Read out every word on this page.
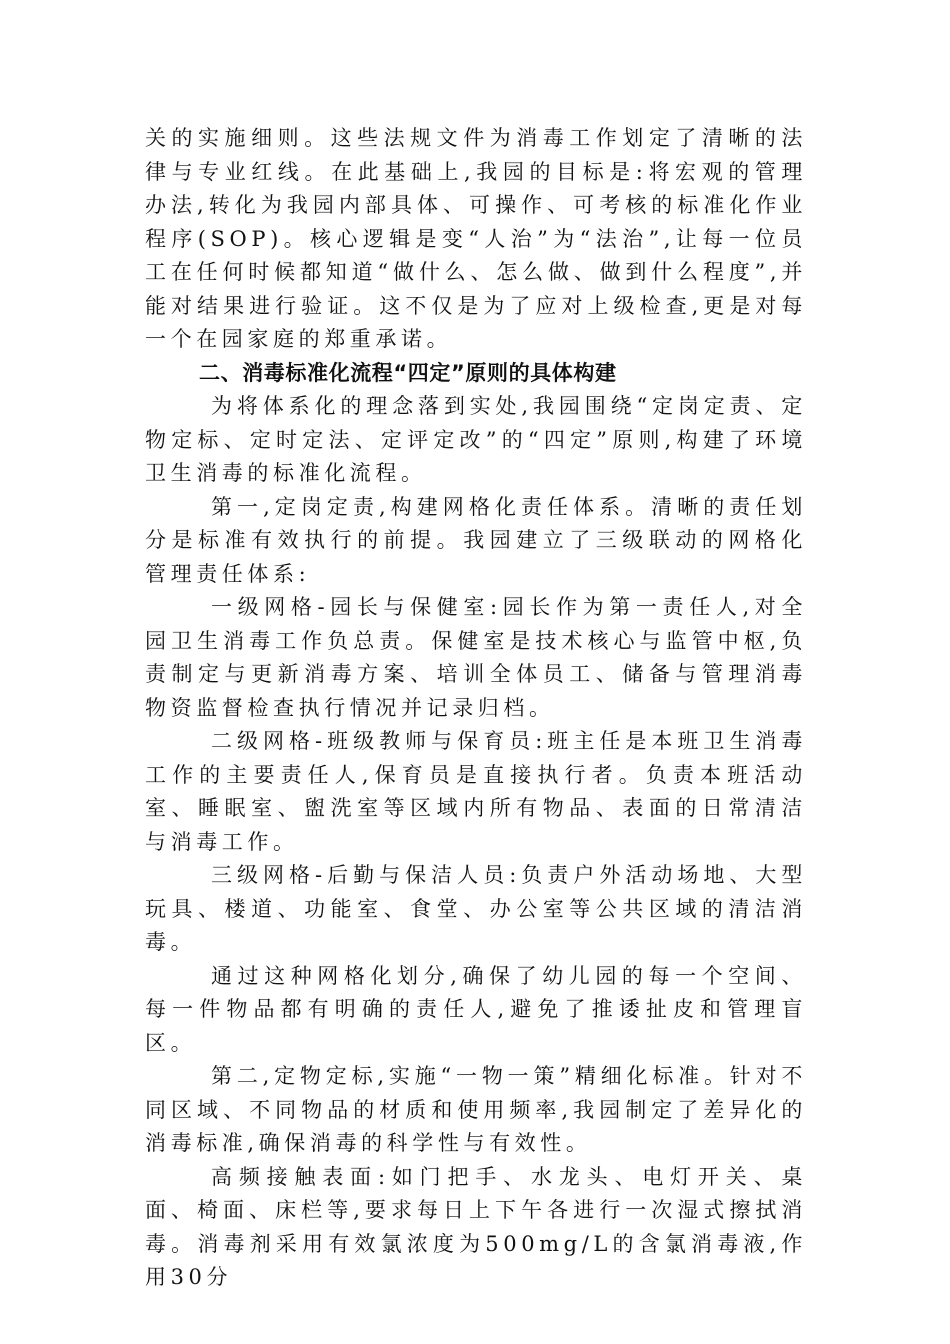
关的实施细则。这些法规文件为消毒工作划定了清晰的法律与专业红线。在此基础上,我园的目标是:将宏观的管理办法,转化为我园内部具体、可操作、可考核的标准化作业程序(SOP)。核心逻辑是变“人治”为“法治”,让每一位员工在任何时候都知道“做什么、怎么做、做到什么程度”,并能对结果进行验证。这不仅是为了应对上级检查,更是对每一个在园家庭的郑重承诺。

二、消毒标准化流程“四定”原则的具体构建

为将体系化的理念落到实处,我园围绕“定岗定责、定物定标、定时定法、定评定改”的“四定”原则,构建了环境卫生消毒的标准化流程。

第一,定岗定责,构建网格化责任体系。清晰的责任划分是标准有效执行的前提。我园建立了三级联动的网格化管理责任体系:

一级网格-园长与保健室:园长作为第一责任人,对全园卫生消毒工作负总责。保健室是技术核心与监管中枢,负责制定与更新消毒方案、培训全体员工、储备与管理消毒物资监督检查执行情况并记录归档。

二级网格-班级教师与保育员:班主任是本班卫生消毒工作的主要责任人,保育员是直接执行者。负责本班活动室、睡眠室、盥洗室等区域内所有物品、表面的日常清洁与消毒工作。

三级网格-后勤与保洁人员:负责户外活动场地、大型玩具、楼道、功能室、食堂、办公室等公共区域的清洁消毒。

通过这种网格化划分,确保了幼儿园的每一个空间、每一件物品都有明确的责任人,避免了推诿扯皮和管理盲区。

第二,定物定标,实施“一物一策”精细化标准。针对不同区域、不同物品的材质和使用频率,我园制定了差异化的消毒标准,确保消毒的科学性与有效性。

高频接触表面:如门把手、水龙头、电灯开关、桌面、椅面、床栏等,要求每日上下午各进行一次湿式擦拭消毒。消毒剂采用有效氯浓度为500mg/L的含氯消毒液,作用30分
